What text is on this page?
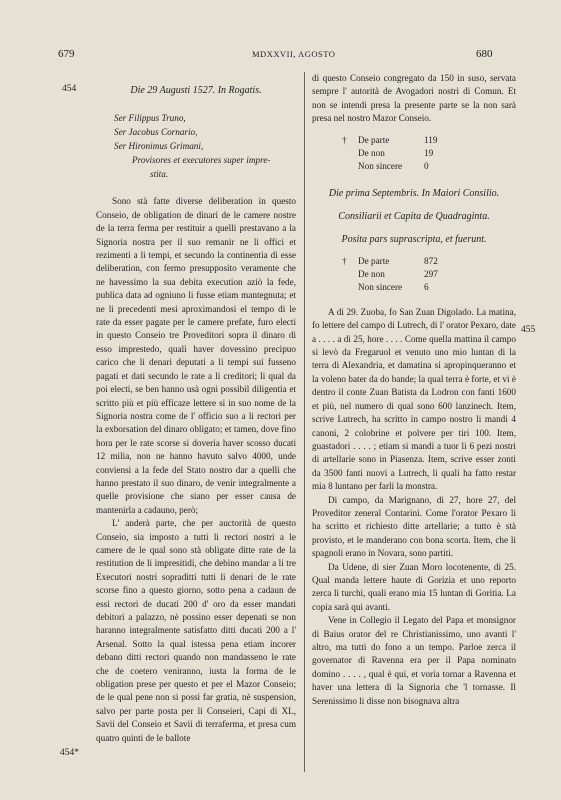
679	MDXXVII, AGOSTO	680
454
454*
455

Die 29 Augusti 1527. In Rogatis.

Ser Filippus Truno,
Ser Jacobus Cornario,
Ser Hironimus Grimani,
Provisores et executores super impre-
stita.

Sono stà fatte diverse deliberation in questo Conseio, de obligation de dinari de le camere nostre de la terra ferma per restituir a quelli prestavano a la Signoria nostra per il suo remanir ne li offici et rezimenti a li tempi, et secundo la continentia di esse deliberation, con fermo presupposito veramente che ne havessimo la sua debita execution aziò la fede, publica data ad ogniuno li fusse etiam mantegnuta; et ne li precedenti mesi aproximandosi el tempo di le rate da esser pagate per le camere prefate, furo electi in questo Conseio tre Proveditori sopra il dinaro di esso imprestedo, quali haver dovessino precipuo carico che li denari deputati a li tempi sui fusseno pagati et dati secundo le rate a li creditori; li qual da poi electi, se ben hanno usà ogni possibil diligentia et scritto più et più efficaze lettere si in suo nome de la Signoria nostra come de l' officio suo a li rectori per la exborsation del dinaro obligato; et tamen, dove fino hora per le rate scorse si doveria haver scosso ducati 12 milia, non ne hanno havuto salvo 4000, unde conviensi a la fede del Stato nostro dar a quelli che hanno prestato il suo dinaro, de venir integralmente a quelle provisione che siano per esser causa de mantenirla a cadauno, però;

L' anderà parte, che per auctorità de questo Conseio, sia imposto a tutti li rectori nostri a le camere de le qual sono stà obligate ditte rate de la restitution de li impresitidi, che debino mandar a li tre Executori nostri sopraditti tutti li denari de le rate scorse fino a questo giorno, sotto pena a cadaun de essi rectori de ducati 200 d' oro da esser mandati debitori a palazzo, nè possino esser depenati se non haranno integralmente satisfatto ditti ducati 200 a l' Arsenal. Sotto la qual istessa pena etiam incorer debano ditti rectori quando non mandasseno le rate che de coetero veniranno, iusta la forma de le obligation prese per questo et per el Mazor Conseio; de le qual pene non si possi far gratia, nè suspension, salvo per parte posta per li Conseieri, Capi di XL, Savii del Conseio et Savii di terraferma, et presa cum quatro quinti de le ballote

di questo Conseio congregato da 150 in suso, servata sempre l' autorità de Avogadori nostri di Comun. Et non se intendi presa la presente parte se la non sarà presa nel nostro Mazor Conseio.

†	De parte	119
De non	19
Non sincere	0

Die prima Septembris. In Maiori Consilio.

Consiliarii et Capita de Quadraginta.

Posita pars suprascripta, et fuerunt.

†	De parte	872
De non	297
Non sincere	6

A dì 29. Zuoba, fo San Zuan Digolado. La matina, fo lettere del campo di Lutrech, di l' orator Pexaro, date a . . . . a dì 25, hore . . . . Come quella mattina il campo si levò da Fregaruol et venuto uno mio luntan di la terra di Alexandria, et damatina si apropinqueranno et la voleno bater da do bande; la qual terra è forte, et vi è dentro il conte Zuan Batista da Lodron con fanti 1600 et più, nel numero di qual sono 600 lanzinech. Item, scrive Lutrech, ha scritto in campo nostro li mandi 4 canoni, 2 colobrine et polvere per tiri 100. Item, guastadori . . . . ; etiam si mandi a tuor li 6 pezi nostri di artellarie sono in Piasenza. Item, scrive esser zonti da 3500 fanti nuovi a Lutrech, li quali ha fatto restar mia 8 luntano per farli la monstra.

Di campo, da Marignano, di 27, hore 27, del Proveditor zeneral Contarini. Come l'orator Pexaro li ha scritto et richiesto ditte artellarie; a tutto è stà provisto, et le manderano con bona scorta. Item, che li spagnoli erano in Novara, sono partiti.

Da Udene, di sier Zuan Moro locotenente, di 25. Qual manda lettere haute di Gorizia et uno reporto zerca li turchi, quali erano mia 15 luntan di Goritia. La copia sarà qui avanti.

Vene in Collegio il Legato del Papa et monsignor di Baius orator del re Christianissimo, uno avanti l' altro, ma tutti do fono a un tempo. Parloe zerca il governator di Ravenna era per il Papa nominato domino . . . . , qual è qui, et voria tornar a Ravenna et haver una lettera di la Signoria che 'l tornasse. Il Serenissimo li disse non bisognava altra
